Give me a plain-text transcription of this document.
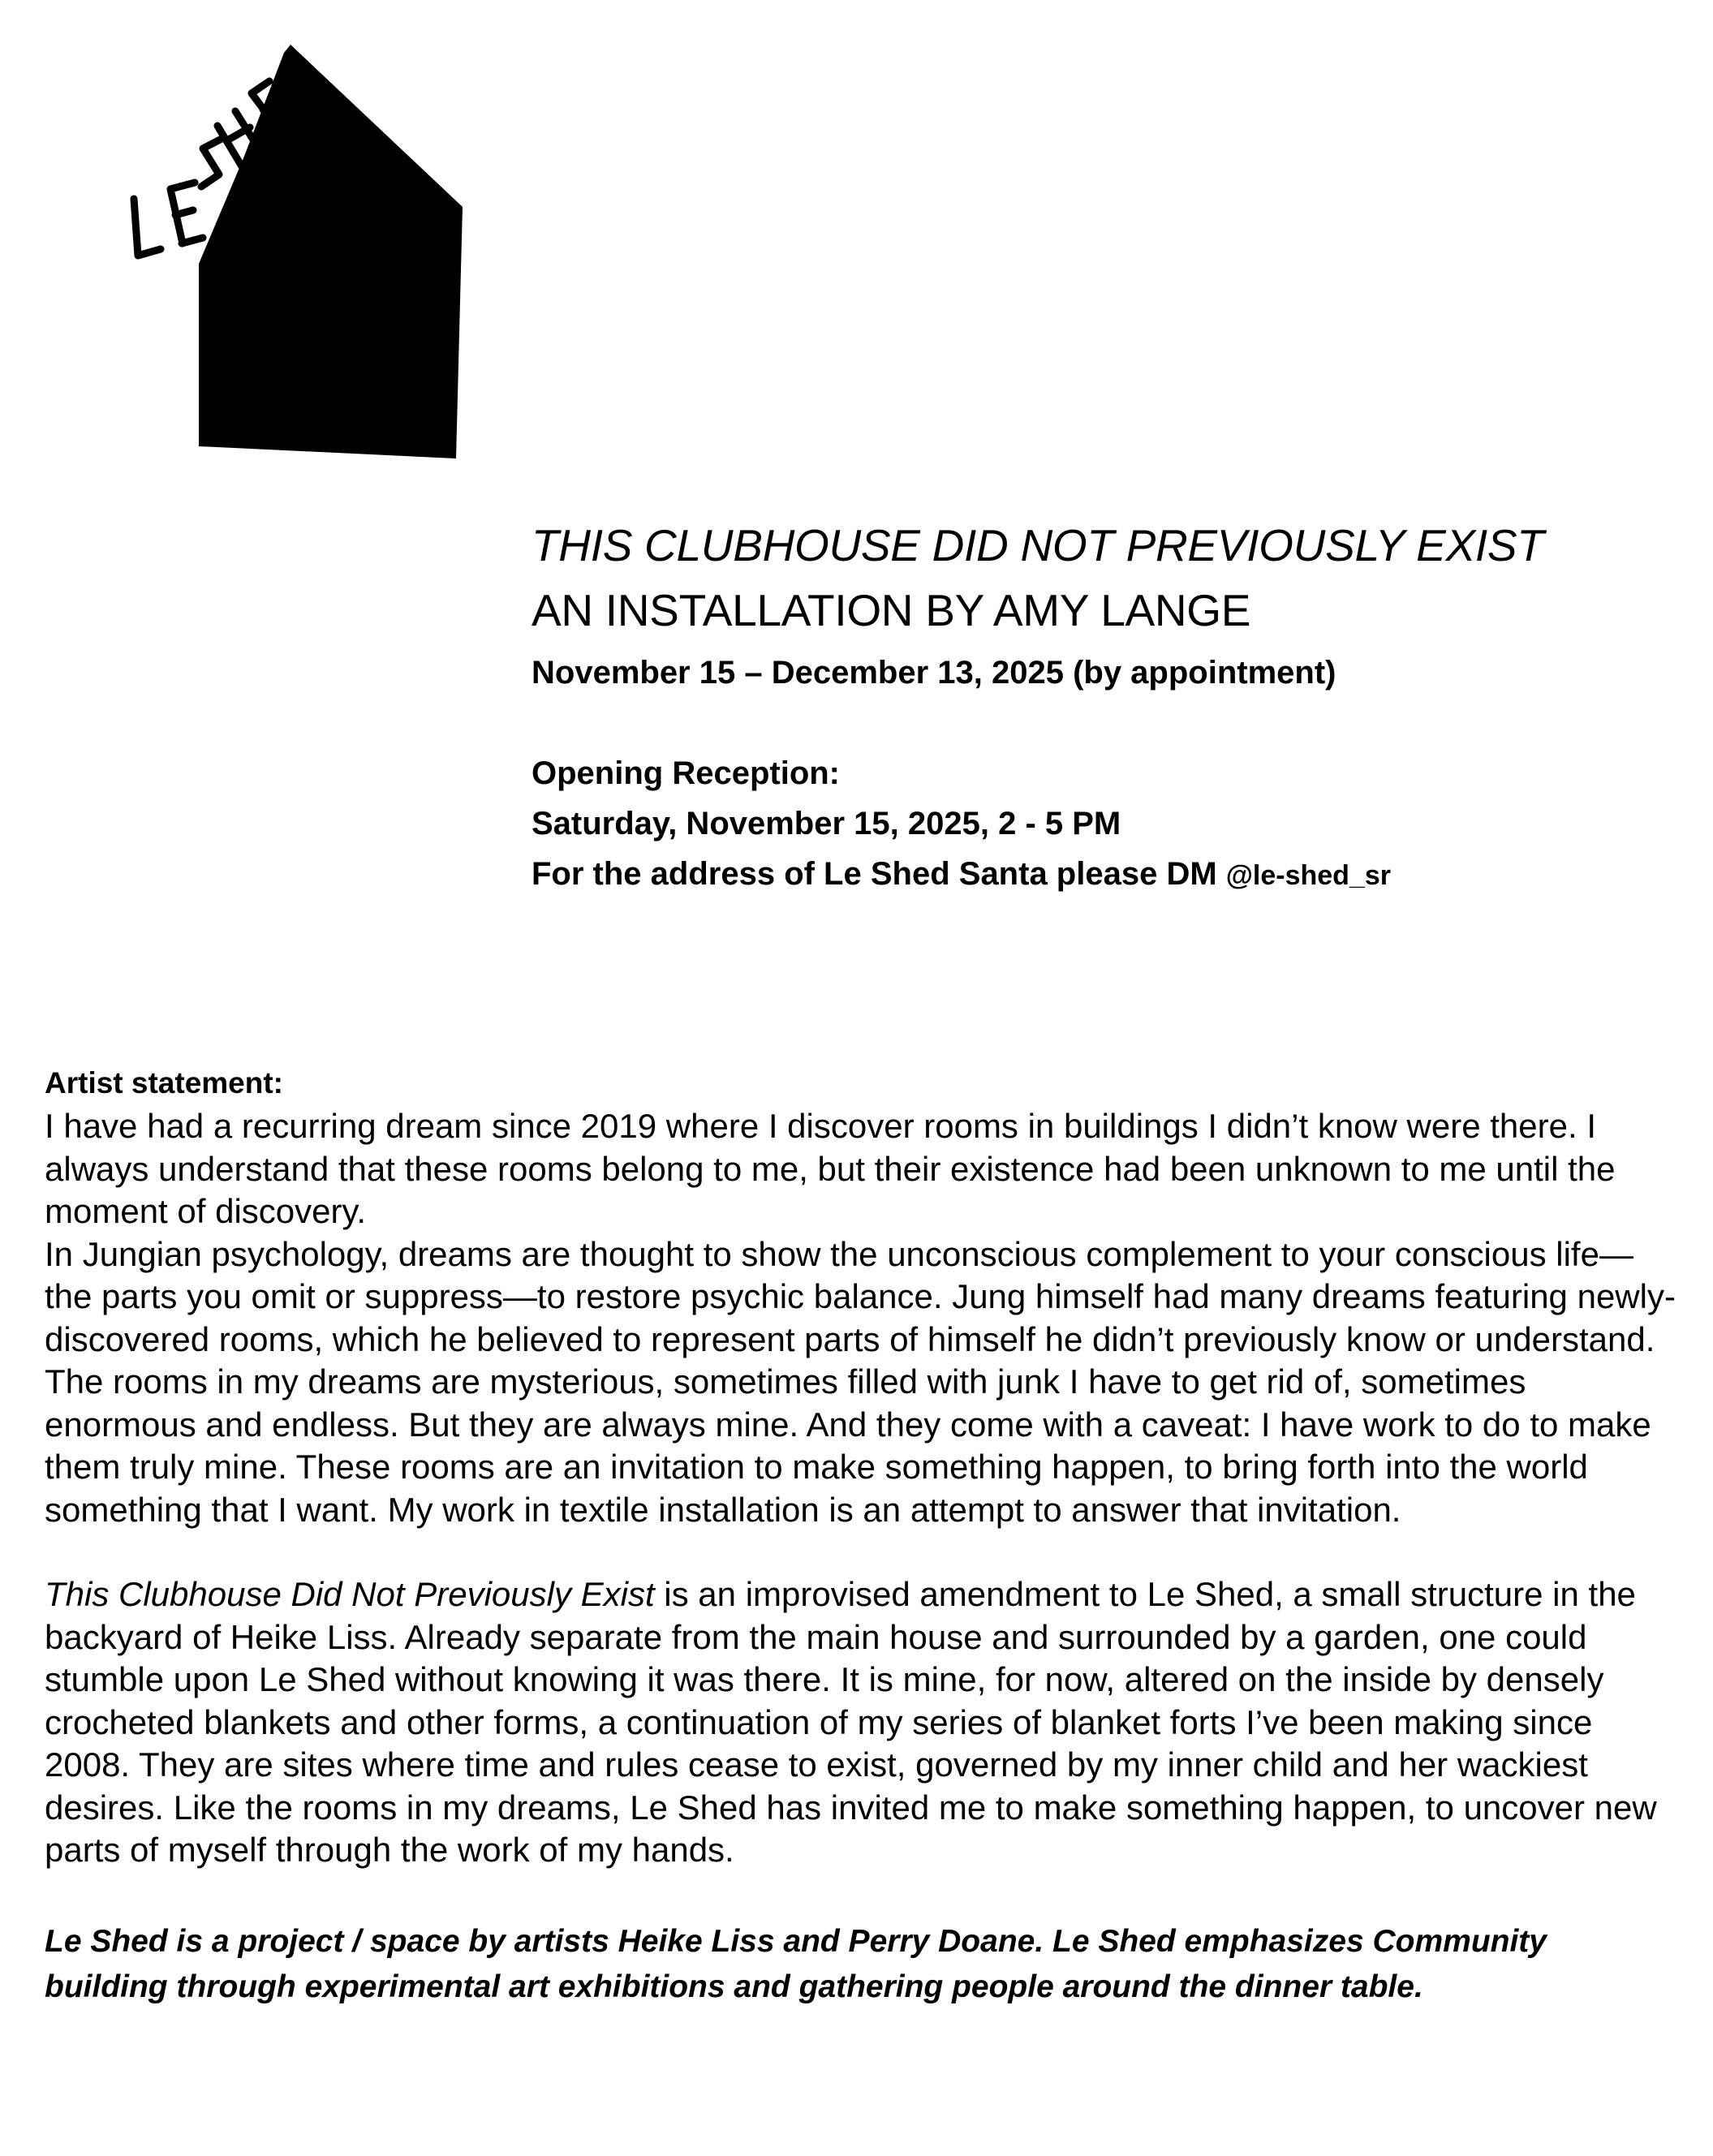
THIS CLUBHOUSE DID NOT PREVIOUSLY EXIST

AN INSTALLATION BY AMY LANGE

November 15 – December 13, 2025 (by appointment)

Opening Reception:

Saturday, November 15, 2025, 2 - 5 PM

For the address of Le Shed Santa please DM @le-shed_sr

Artist statement:

I have had a recurring dream since 2019 where I discover rooms in buildings I didn’t know were there. I always understand that these rooms belong to me, but their existence had been unknown to me until the moment of discovery.

In Jungian psychology, dreams are thought to show the unconscious complement to your conscious life—the parts you omit or suppress—to restore psychic balance. Jung himself had many dreams featuring newly-discovered rooms, which he believed to represent parts of himself he didn’t previously know or understand.

The rooms in my dreams are mysterious, sometimes filled with junk I have to get rid of, sometimes enormous and endless. But they are always mine. And they come with a caveat: I have work to do to make them truly mine. These rooms are an invitation to make something happen, to bring forth into the world something that I want. My work in textile installation is an attempt to answer that invitation.

This Clubhouse Did Not Previously Exist is an improvised amendment to Le Shed, a small structure in the backyard of Heike Liss. Already separate from the main house and surrounded by a garden, one could stumble upon Le Shed without knowing it was there. It is mine, for now, altered on the inside by densely crocheted blankets and other forms, a continuation of my series of blanket forts I’ve been making since 2008. They are sites where time and rules cease to exist, governed by my inner child and her wackiest desires. Like the rooms in my dreams, Le Shed has invited me to make something happen, to uncover new parts of myself through the work of my hands.

Le Shed is a project / space by artists Heike Liss and Perry Doane. Le Shed emphasizes Community building through experimental art exhibitions and gathering people around the dinner table.
